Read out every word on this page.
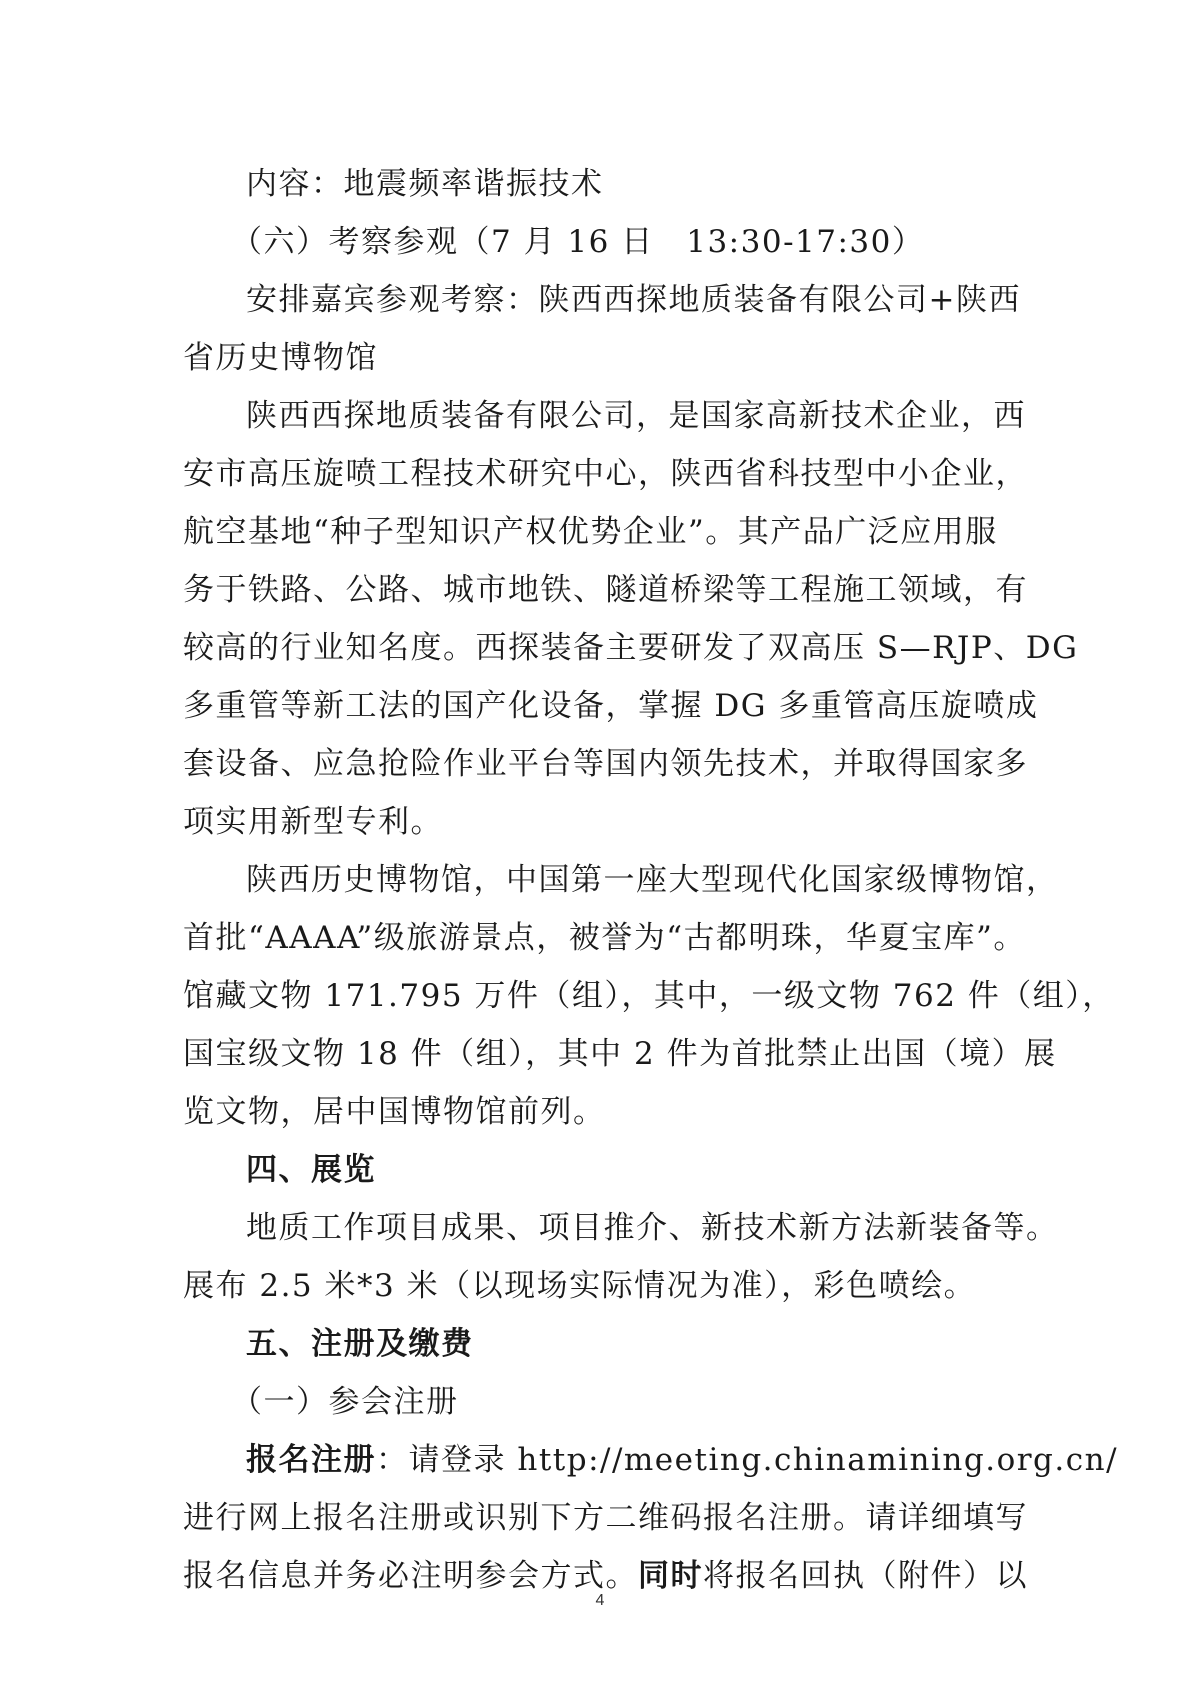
内容：地震频率谐振技术
（六）考察参观（7 月 16 日　13:30-17:30）
安排嘉宾参观考察：陕西西探地质装备有限公司+陕西
省历史博物馆
陕西西探地质装备有限公司，是国家高新技术企业，西
安市高压旋喷工程技术研究中心，陕西省科技型中小企业，
航空基地“种子型知识产权优势企业”。其产品广泛应用服
务于铁路、公路、城市地铁、隧道桥梁等工程施工领域，有
较高的行业知名度。西探装备主要研发了双高压 S—RJP、DG
多重管等新工法的国产化设备，掌握 DG 多重管高压旋喷成
套设备、应急抢险作业平台等国内领先技术，并取得国家多
项实用新型专利。
陕西历史博物馆，中国第一座大型现代化国家级博物馆，
首批“AAAA”级旅游景点，被誉为“古都明珠，华夏宝库”。
馆藏文物 171.795 万件（组），其中，一级文物 762 件（组），
国宝级文物 18 件（组），其中 2 件为首批禁止出国（境）展
览文物，居中国博物馆前列。
四、展览
地质工作项目成果、项目推介、新技术新方法新装备等。
展布 2.5 米*3 米（以现场实际情况为准），彩色喷绘。
五、注册及缴费
（一）参会注册
报名注册：请登录 http://meeting.chinamining.org.cn/
进行网上报名注册或识别下方二维码报名注册。请详细填写
报名信息并务必注明参会方式。同时将报名回执（附件）以
4
